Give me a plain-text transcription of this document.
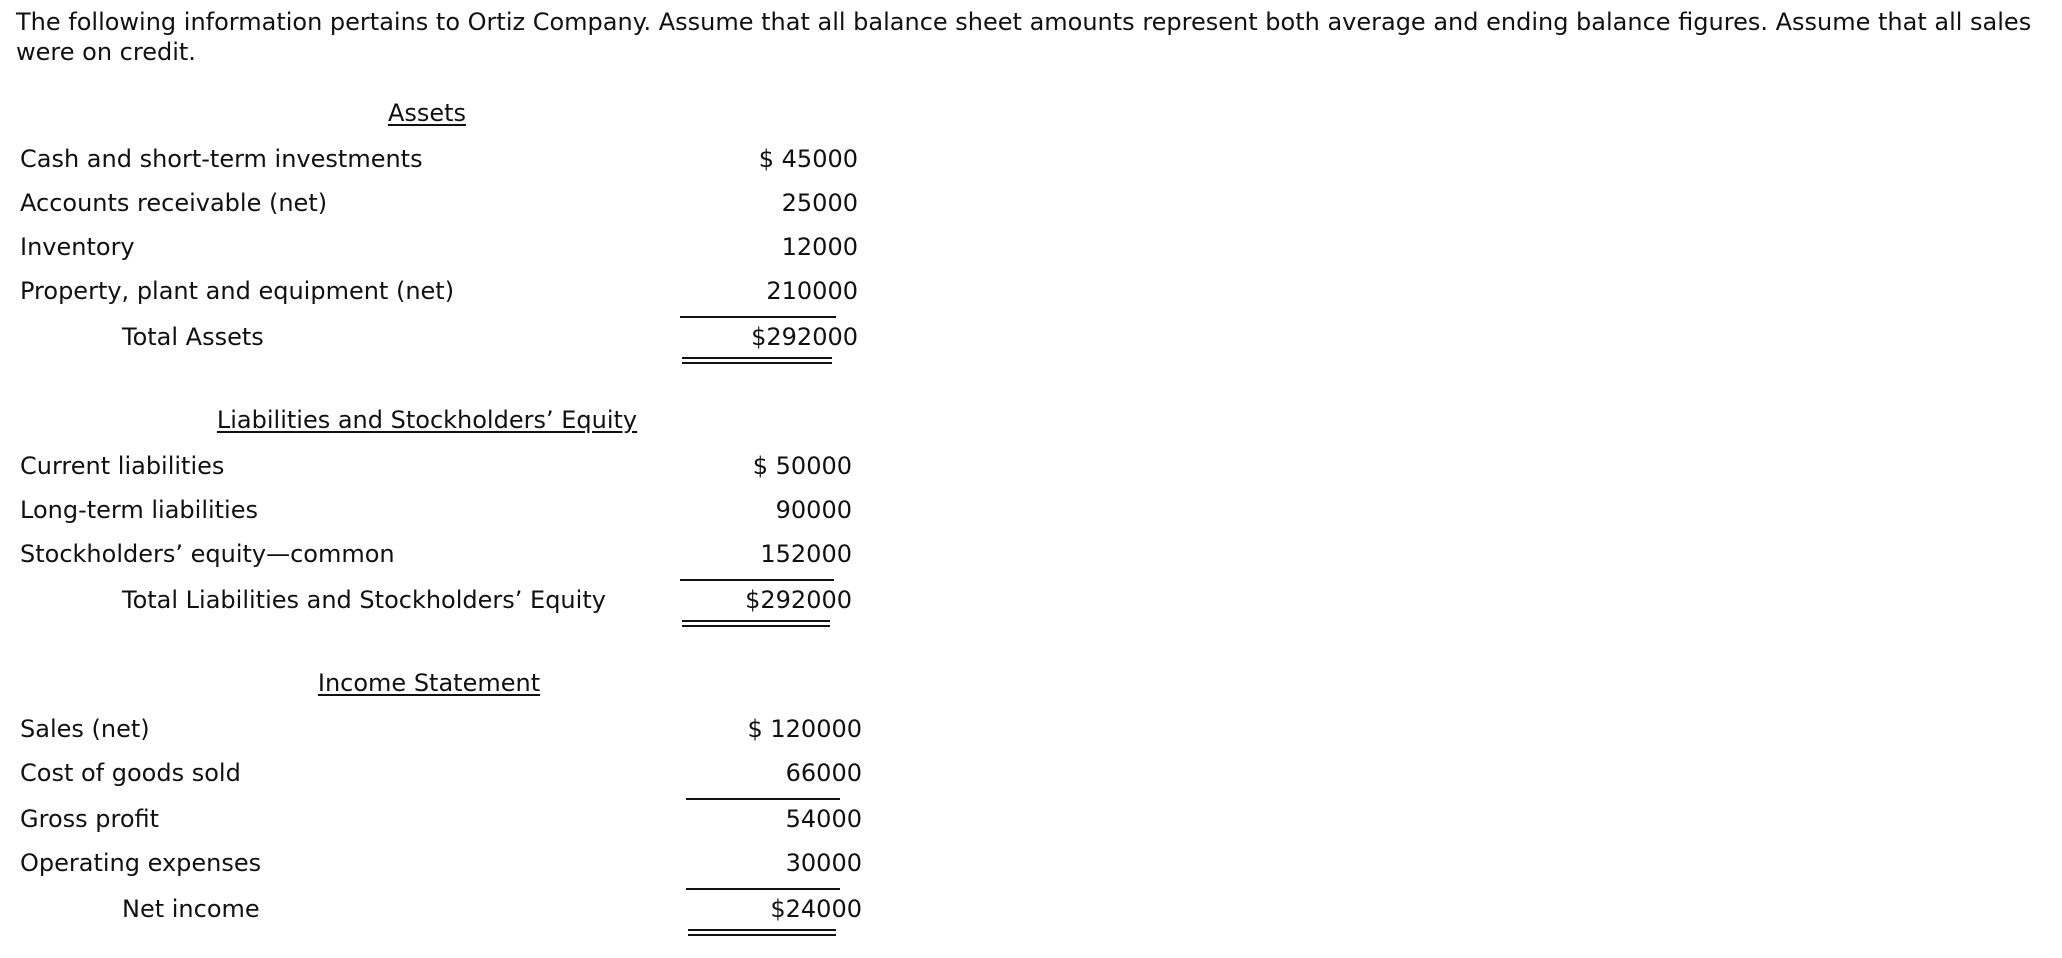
The following information pertains to Ortiz Company. Assume that all balance sheet amounts represent both average and ending balance figures. Assume that all sales were on credit.

Assets
Cash and short-term investments	$ 45000
Accounts receivable (net)	25000
Inventory	12000
Property, plant and equipment (net)	210000
Total Assets	$292000
Liabilities and Stockholders’ Equity
Current liabilities	$ 50000
Long-term liabilities	90000
Stockholders’ equity—common	152000
Total Liabilities and Stockholders’ Equity	$292000
Income Statement
Sales (net)	$ 120000
Cost of goods sold	66000
Gross profit	54000
Operating expenses	30000
Net income	$24000
